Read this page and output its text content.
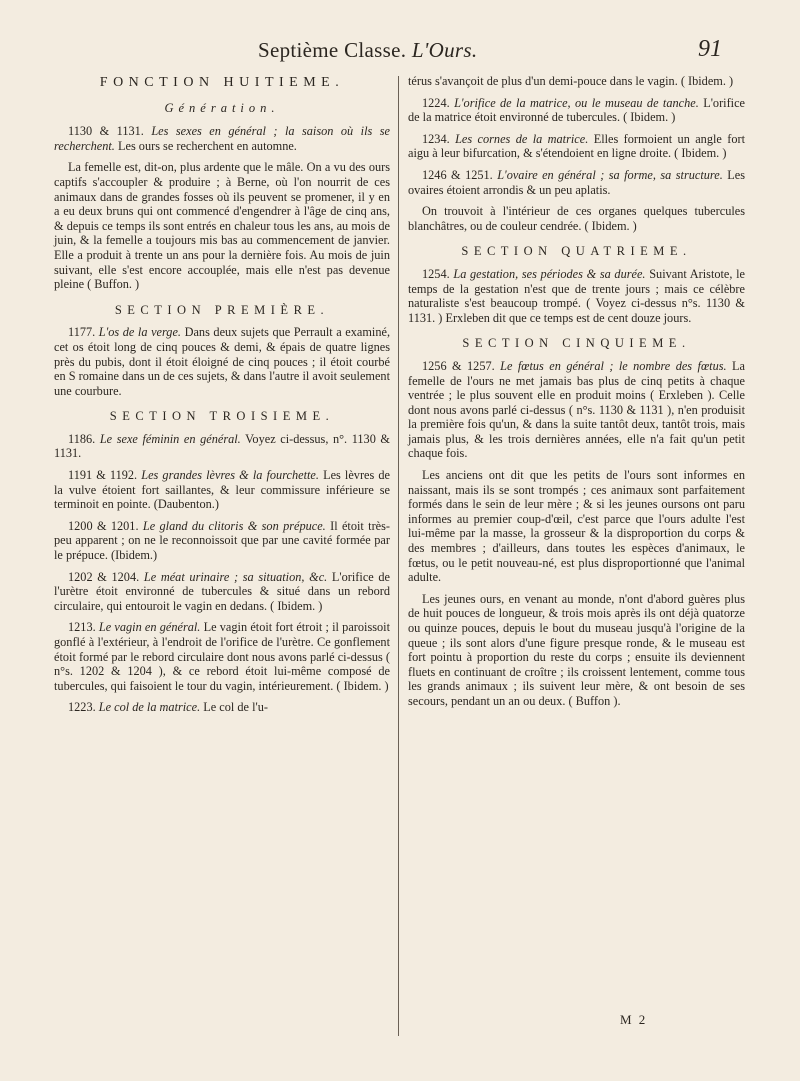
Septième Classe. L'Ours.	91
FONCTION HUITIEME.
Génération.

1130 & 1131. Les sexes en général ; la saison où ils se recherchent. Les ours se recherchent en automne.

La femelle est, dit-on, plus ardente que le mâle. On a vu des ours captifs s'accoupler & produire ; à Berne, où l'on nourrit de ces animaux dans de grandes fosses où ils peuvent se promener, il y en a eu deux bruns qui ont commencé d'engendrer à l'âge de cinq ans, & depuis ce temps ils sont entrés en chaleur tous les ans, au mois de juin, & la femelle a toujours mis bas au commencement de janvier. Elle a produit à trente un ans pour la dernière fois. Au mois de juin suivant, elle s'est encore accouplée, mais elle n'est pas devenue pleine ( Buffon. )

SECTION PREMIÈRE.

1177. L'os de la verge. Dans deux sujets que Perrault a examiné, cet os étoit long de cinq pouces & demi, & épais de quatre lignes près du pubis, dont il étoit éloigné de cinq pouces ; il étoit courbé en S romaine dans un de ces sujets, & dans l'autre il avoit seulement une courbure.

SECTION TROISIEME.

1186. Le sexe féminin en général. Voyez ci-dessus, n°. 1130 & 1131.

1191 & 1192. Les grandes lèvres & la fourchette. Les lèvres de la vulve étoient fort saillantes, & leur commissure inférieure se terminoit en pointe. (Daubenton.)

1200 & 1201. Le gland du clitoris & son prépuce. Il étoit très-peu apparent ; on ne le reconnoissoit que par une cavité formée par le prépuce. (Ibidem.)

1202 & 1204. Le méat urinaire ; sa situation, &c. L'orifice de l'urètre étoit environné de tubercules & situé dans un rebord circulaire, qui entouroit le vagin en dedans. ( Ibidem. )

1213. Le vagin en général. Le vagin étoit fort étroit ; il paroissoit gonflé à l'extérieur, à l'endroit de l'orifice de l'urètre. Ce gonflement étoit formé par le rebord circulaire dont nous avons parlé ci-dessus ( n°s. 1202 & 1204 ), & ce rebord étoit lui-même composé de tubercules, qui faisoient le tour du vagin, intérieurement. ( Ibidem. )

1223. Le col de la matrice. Le col de l'u-

térus s'avançoit de plus d'un demi-pouce dans le vagin. ( Ibidem. )

1224. L'orifice de la matrice, ou le museau de tanche. L'orifice de la matrice étoit environné de tubercules. ( Ibidem. )

1234. Les cornes de la matrice. Elles formoient un angle fort aigu à leur bifurcation, & s'étendoient en ligne droite. ( Ibidem. )

1246 & 1251. L'ovaire en général ; sa forme, sa structure. Les ovaires étoient arrondis & un peu aplatis.

On trouvoit à l'intérieur de ces organes quelques tubercules blanchâtres, ou de couleur cendrée. ( Ibidem. )

SECTION QUATRIEME.

1254. La gestation, ses périodes & sa durée. Suivant Aristote, le temps de la gestation n'est que de trente jours ; mais ce célèbre naturaliste s'est beaucoup trompé. ( Voyez ci-dessus n°s. 1130 & 1131. ) Erxleben dit que ce temps est de cent douze jours.

SECTION CINQUIEME.

1256 & 1257. Le fœtus en général ; le nombre des fœtus. La femelle de l'ours ne met jamais bas plus de cinq petits à chaque ventrée ; le plus souvent elle en produit moins ( Erxleben ). Celle dont nous avons parlé ci-dessus ( n°s. 1130 & 1131 ), n'en produisit la première fois qu'un, & dans la suite tantôt deux, tantôt trois, mais jamais plus, & les trois dernières années, elle n'a fait qu'un petit chaque fois.

Les anciens ont dit que les petits de l'ours sont informes en naissant, mais ils se sont trompés ; ces animaux sont parfaitement formés dans le sein de leur mère ; & si les jeunes oursons ont paru informes au premier coup-d'œil, c'est parce que l'ours adulte l'est lui-même par la masse, la grosseur & la disproportion du corps & des membres ; d'ailleurs, dans toutes les espèces d'animaux, le fœtus, ou le petit nouveau-né, est plus disproportionné que l'animal adulte.

Les jeunes ours, en venant au monde, n'ont d'abord guères plus de huit pouces de longueur, & trois mois après ils ont déjà quatorze ou quinze pouces, depuis le bout du museau jusqu'à l'origine de la queue ; ils sont alors d'une figure presque ronde, & le museau est fort pointu à proportion du reste du corps ; ensuite ils deviennent fluets en continuant de croître ; ils croissent lentement, comme tous les grands animaux ; ils suivent leur mère, & ont besoin de ses secours, pendant un an ou deux. ( Buffon ).

M 2
